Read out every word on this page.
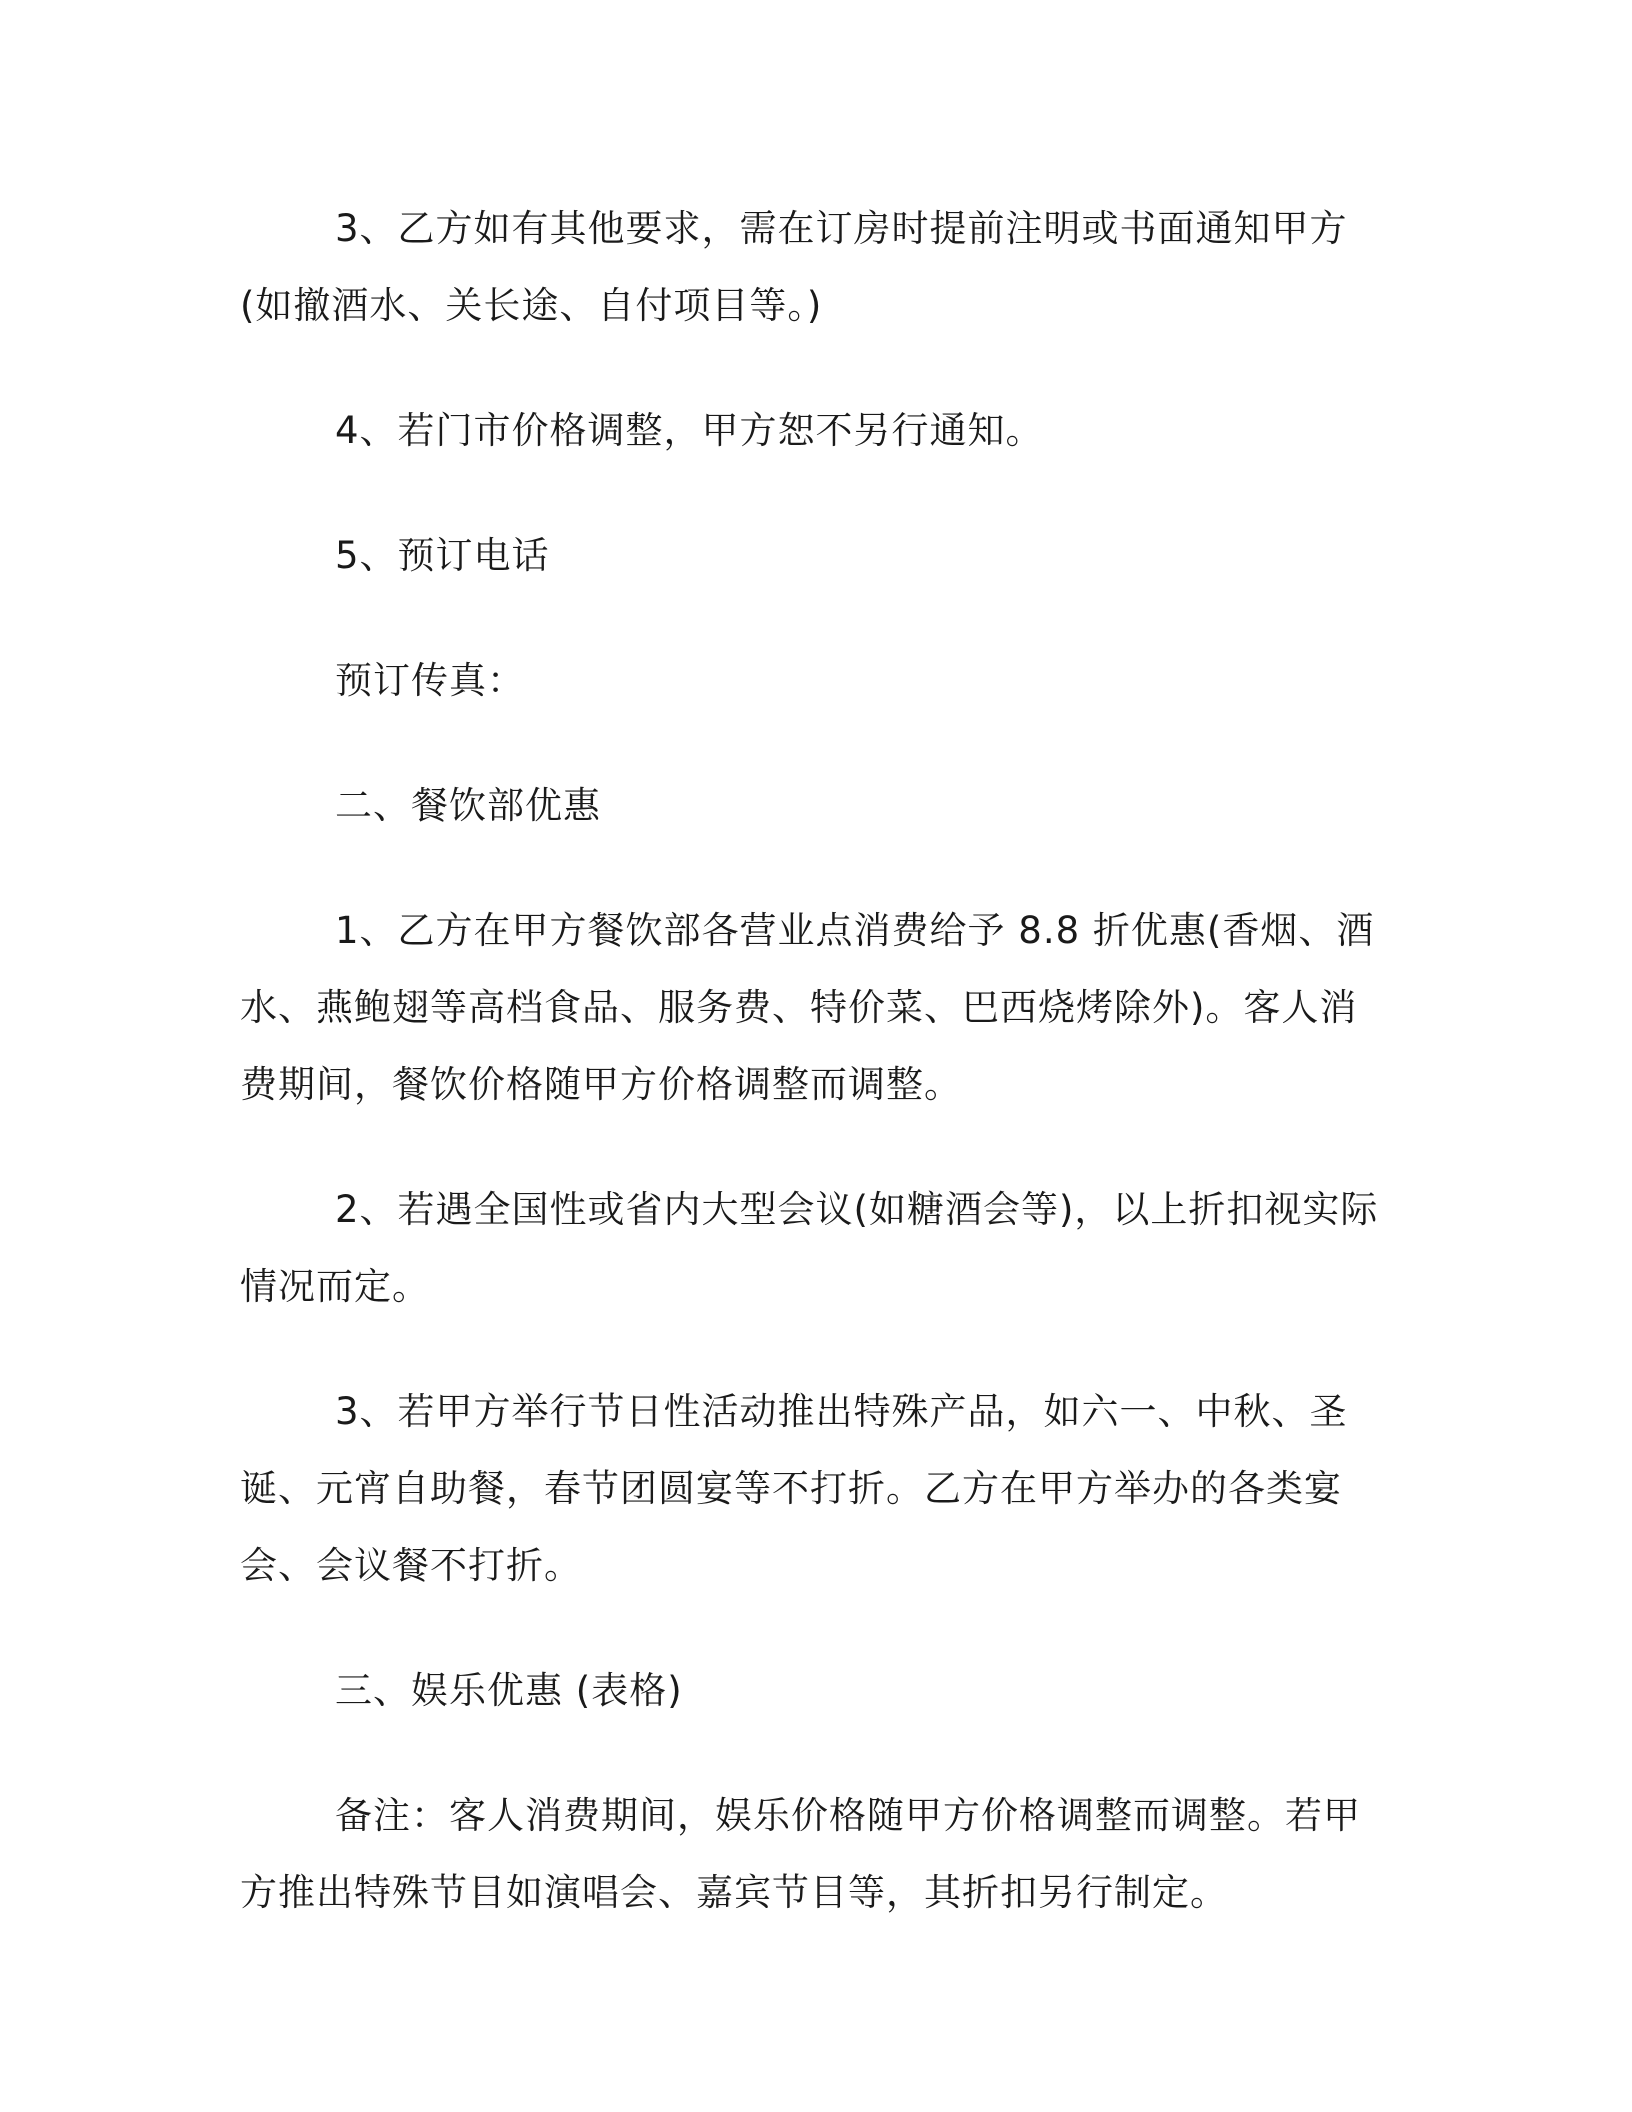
3、乙方如有其他要求，需在订房时提前注明或书面通知甲方(如撤酒水、关长途、自付项目等。)

4、若门市价格调整，甲方恕不另行通知。

5、预订电话

预订传真：

二、餐饮部优惠

1、乙方在甲方餐饮部各营业点消费给予 8.8 折优惠(香烟、酒水、燕鲍翅等高档食品、服务费、特价菜、巴西烧烤除外)。客人消费期间，餐饮价格随甲方价格调整而调整。

2、若遇全国性或省内大型会议(如糖酒会等)，以上折扣视实际情况而定。

3、若甲方举行节日性活动推出特殊产品，如六一、中秋、圣诞、元宵自助餐，春节团圆宴等不打折。乙方在甲方举办的各类宴会、会议餐不打折。

三、娱乐优惠 (表格)

备注：客人消费期间，娱乐价格随甲方价格调整而调整。若甲方推出特殊节目如演唱会、嘉宾节目等，其折扣另行制定。
